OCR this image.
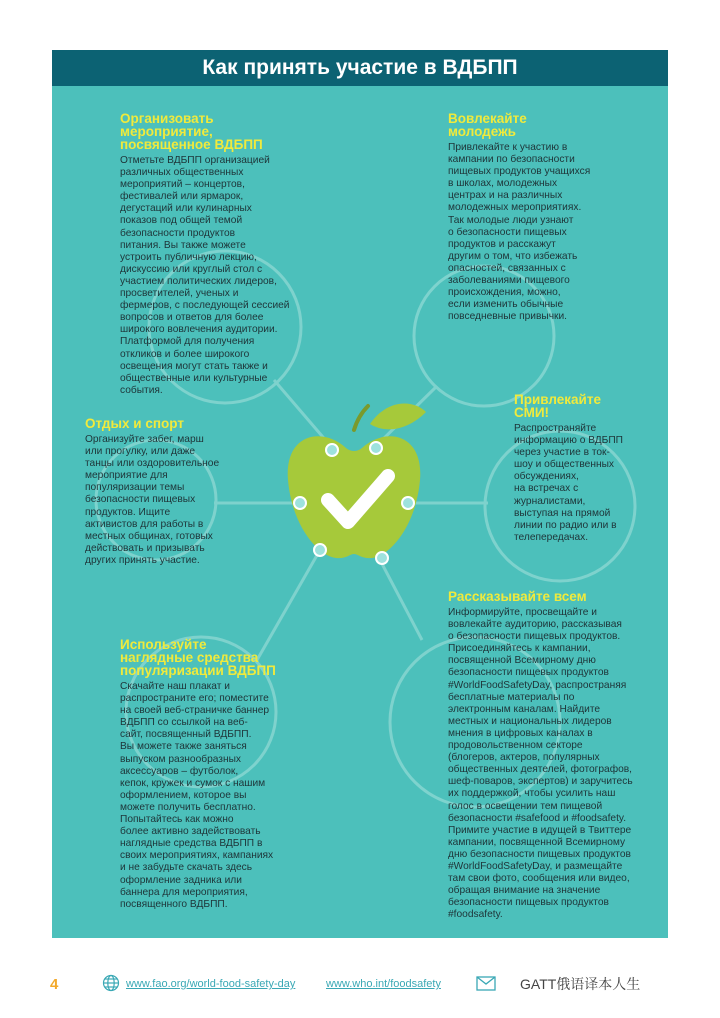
Как принять участие в ВДБПП
Организовать
мероприятие,
посвященное ВДБПП

Отметьте ВДБПП организацией
различных общественных
мероприятий – концертов,
фестивалей или ярмарок,
дегустаций или кулинарных
показов под общей темой
безопасности продуктов
питания. Вы также можете
устроить публичную лекцию,
дискуссию или круглый стол с
участием политических лидеров,
просветителей, ученых и
фермеров, с последующей сессией
вопросов и ответов для более
широкого вовлечения аудитории.
Платформой для получения
откликов и более широкого
освещения могут стать также и
общественные или культурные
события.

Вовлекайте
молодежь

Привлекайте к участию в
кампании по безопасности
пищевых продуктов учащихся
в школах, молодежных
центрах и на различных
молодежных мероприятиях.
Так молодые люди узнают
о безопасности пищевых
продуктов и расскажут
другим о том, что избежать
опасностей, связанных с
заболеваниями пищевого
происхождения, можно,
если изменить обычные
повседневные привычки.

Отдых и спорт

Организуйте забег, марш
или прогулку, или даже
танцы или оздоровительное
мероприятие для
популяризации темы
безопасности пищевых
продуктов. Ищите
активистов для работы в
местных общинах, готовых
действовать и призывать
других принять участие.

Привлекайте
СМИ!

Распространяйте
информацию о ВДБПП
через участие в ток-
шоу и общественных
обсуждениях,
на встречах с
журналистами,
выступая на прямой
линии по радио или в
телепередачах.

Используйте
наглядные средства
популяризации ВДБПП

Скачайте наш плакат и
распространите его; поместите
на своей веб-страничке баннер
ВДБПП со ссылкой на веб-
сайт, посвященный ВДБПП.
Вы можете также заняться
выпуском разнообразных
аксессуаров – футболок,
кепок, кружек и сумок с нашим
оформлением, которое вы
можете получить бесплатно.
Попытайтесь как можно
более активно задействовать
наглядные средства ВДБПП в
своих мероприятиях, кампаниях
и не забудьте скачать здесь
оформление задника или
баннера для мероприятия,
посвященного ВДБПП.

Рассказывайте всем

Информируйте, просвещайте и
вовлекайте аудиторию, рассказывая
о безопасности пищевых продуктов.
Присоединяйтесь к кампании,
посвященной Всемирному дню
безопасности пищевых продуктов
#WorldFoodSafetyDay, распространяя
бесплатные материалы по
электронным каналам. Найдите
местных и национальных лидеров
мнения в цифровых каналах в
продовольственном секторе
(блогеров, актеров, популярных
общественных деятелей, фотографов,
шеф-поваров, экспертов) и заручитесь
их поддержкой, чтобы усилить наш
голос в освещении тем пищевой
безопасности #safefood и #foodsafety.
Примите участие в идущей в Твиттере
кампании, посвященной Всемирному
дню безопасности пищевых продуктов
#WorldFoodSafetyDay, и размещайте
там свои фото, сообщения или видео,
обращая внимание на значение
безопасности пищевых продуктов
#foodsafety.

4	www.fao.org/world-food-safety-day	www.who.int/foodsafety	GATT俄语译本人生
